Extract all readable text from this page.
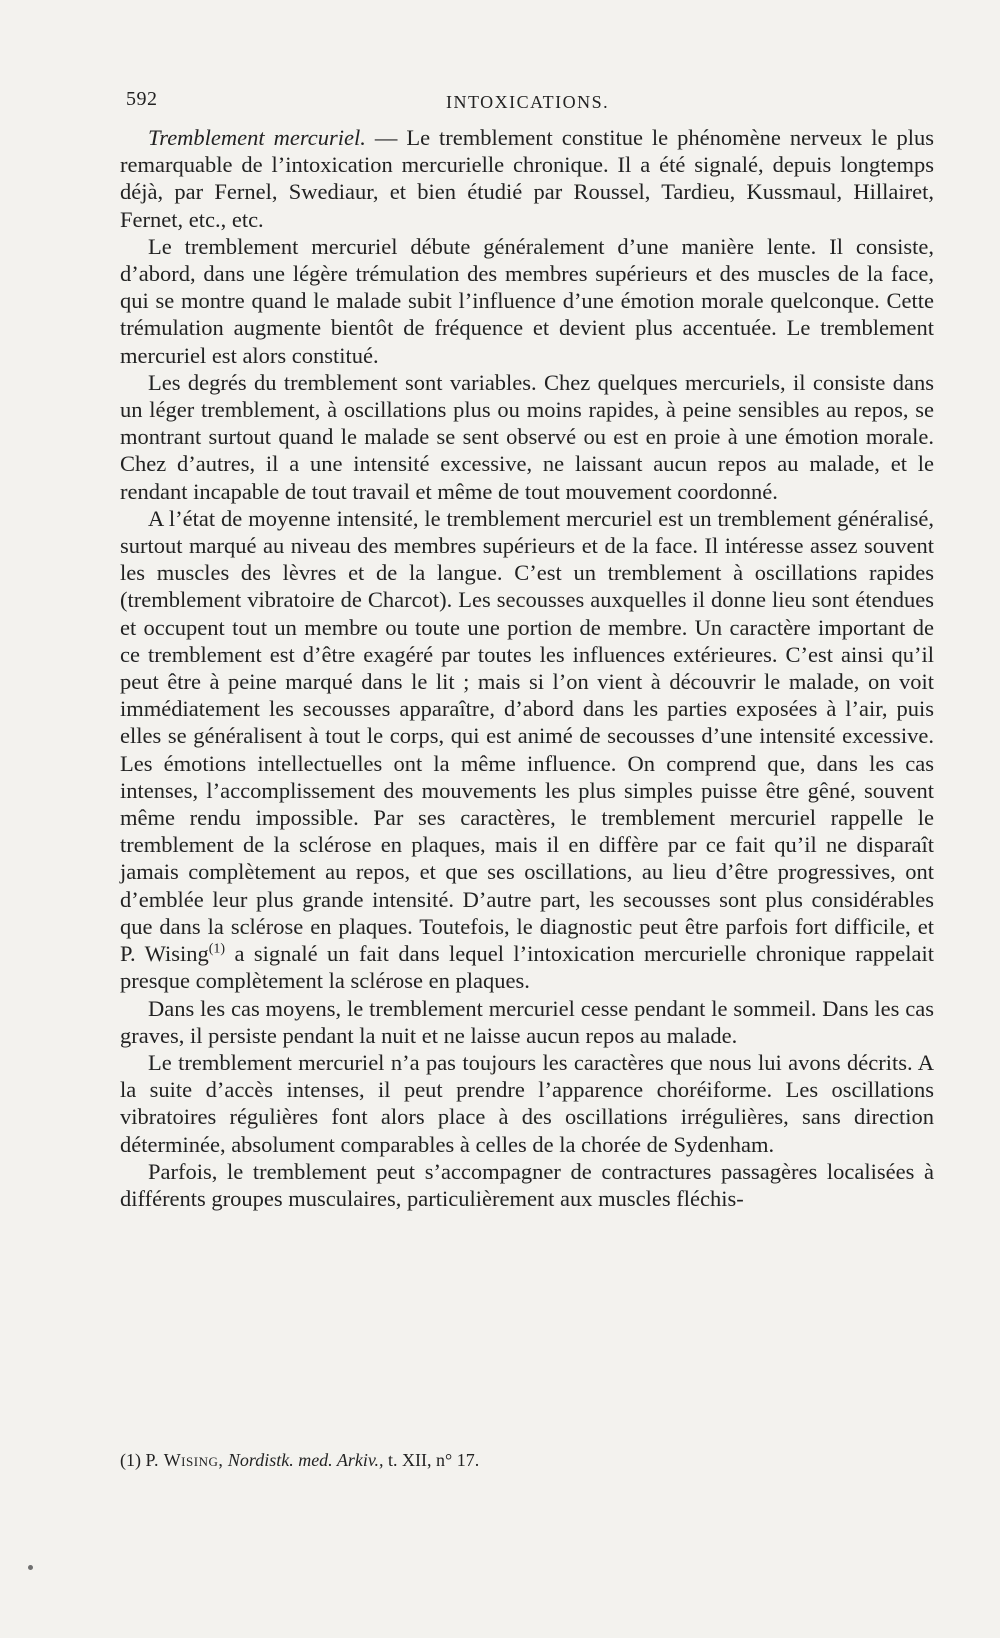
592	INTOXICATIONS.

Tremblement mercuriel. — Le tremblement constitue le phénomène nerveux le plus remarquable de l’intoxication mercurielle chronique. Il a été signalé, depuis longtemps déjà, par Fernel, Swediaur, et bien étudié par Roussel, Tardieu, Kussmaul, Hillairet, Fernet, etc., etc.

Le tremblement mercuriel débute généralement d’une manière lente. Il consiste, d’abord, dans une légère trémulation des membres supérieurs et des muscles de la face, qui se montre quand le malade subit l’influence d’une émotion morale quelconque. Cette trémulation augmente bientôt de fréquence et devient plus accentuée. Le tremblement mercuriel est alors constitué.

Les degrés du tremblement sont variables. Chez quelques mercuriels, il consiste dans un léger tremblement, à oscillations plus ou moins rapides, à peine sensibles au repos, se montrant surtout quand le malade se sent observé ou est en proie à une émotion morale. Chez d’autres, il a une intensité excessive, ne laissant aucun repos au malade, et le rendant incapable de tout travail et même de tout mouvement coordonné.

A l’état de moyenne intensité, le tremblement mercuriel est un tremblement généralisé, surtout marqué au niveau des membres supérieurs et de la face. Il intéresse assez souvent les muscles des lèvres et de la langue. C’est un tremblement à oscillations rapides (tremblement vibratoire de Charcot). Les secousses auxquelles il donne lieu sont étendues et occupent tout un membre ou toute une portion de membre. Un caractère important de ce tremblement est d’être exagéré par toutes les influences extérieures. C’est ainsi qu’il peut être à peine marqué dans le lit ; mais si l’on vient à découvrir le malade, on voit immédiatement les secousses apparaître, d’abord dans les parties exposées à l’air, puis elles se généralisent à tout le corps, qui est animé de secousses d’une intensité excessive. Les émotions intellectuelles ont la même influence. On comprend que, dans les cas intenses, l’accomplissement des mouvements les plus simples puisse être gêné, souvent même rendu impossible. Par ses caractères, le tremblement mercuriel rappelle le tremblement de la sclérose en plaques, mais il en diffère par ce fait qu’il ne disparaît jamais complètement au repos, et que ses oscillations, au lieu d’être progressives, ont d’emblée leur plus grande intensité. D’autre part, les secousses sont plus considérables que dans la sclérose en plaques. Toutefois, le diagnostic peut être parfois fort difficile, et P. Wising$^{(1)}$ a signalé un fait dans lequel l’intoxication mercurielle chronique rappelait presque complètement la sclérose en plaques.

Dans les cas moyens, le tremblement mercuriel cesse pendant le sommeil. Dans les cas graves, il persiste pendant la nuit et ne laisse aucun repos au malade.

Le tremblement mercuriel n’a pas toujours les caractères que nous lui avons décrits. A la suite d’accès intenses, il peut prendre l’apparence choréiforme. Les oscillations vibratoires régulières font alors place à des oscillations irrégulières, sans direction déterminée, absolument comparables à celles de la chorée de Sydenham.

Parfois, le tremblement peut s’accompagner de contractures passagères localisées à différents groupes musculaires, particulièrement aux muscles fléchis-

(1) P. Wising, Nordistk. med. Arkiv., t. XII, n° 17.
